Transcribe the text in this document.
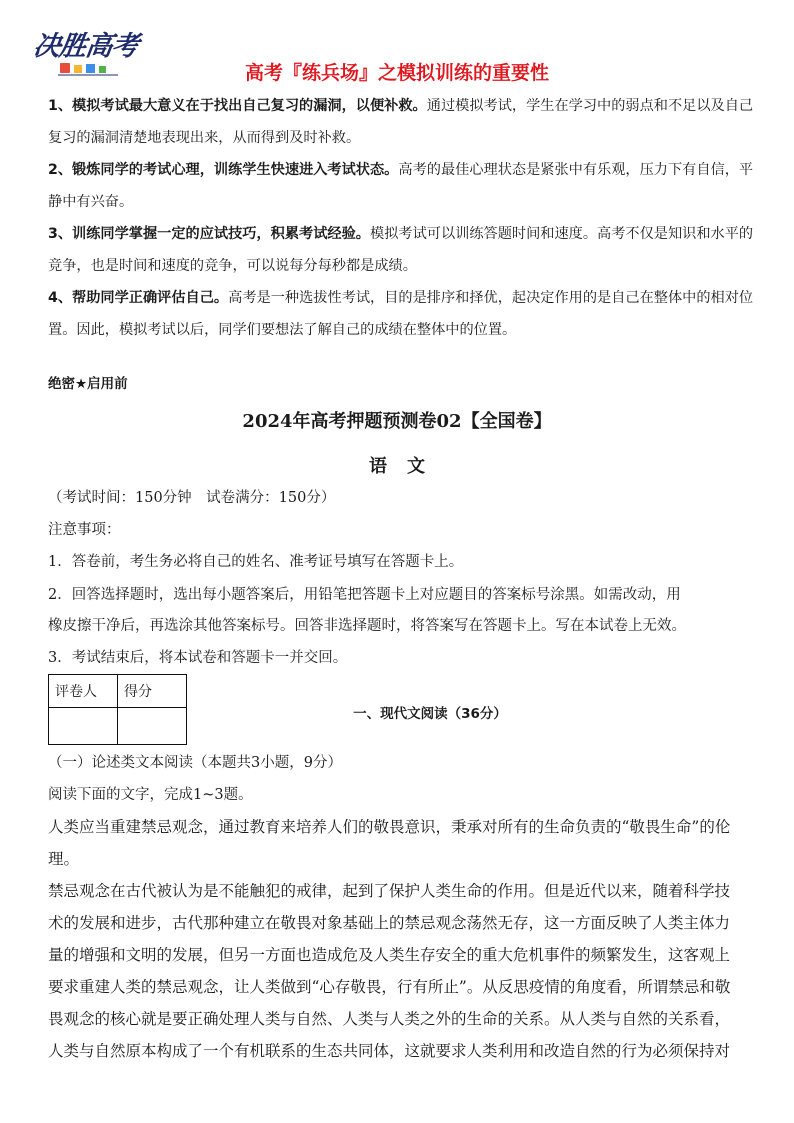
决胜高考
高考『练兵场』之模拟训练的重要性
1、模拟考试最大意义在于找出自己复习的漏洞，以便补救。通过模拟考试，学生在学习中的弱点和不足以及自己
复习的漏洞清楚地表现出来，从而得到及时补救。
2、锻炼同学的考试心理，训练学生快速进入考试状态。高考的最佳心理状态是紧张中有乐观，压力下有自信，平
静中有兴奋。
3、训练同学掌握一定的应试技巧，积累考试经验。模拟考试可以训练答题时间和速度。高考不仅是知识和水平的
竞争，也是时间和速度的竞争，可以说每分每秒都是成绩。
4、帮助同学正确评估自己。高考是一种选拔性考试，目的是排序和择优，起决定作用的是自己在整体中的相对位
置。因此，模拟考试以后，同学们要想法了解自己的成绩在整体中的位置。
绝密★启用前
2024年高考押题预测卷02【全国卷】
语文
（考试时间：150分钟　试卷满分：150分）
注意事项：
1．答卷前，考生务必将自己的姓名、准考证号填写在答题卡上。
2．回答选择题时，选出每小题答案后，用铅笔把答题卡上对应题目的答案标号涂黑。如需改动，用
橡皮擦干净后，再选涂其他答案标号。回答非选择题时，将答案写在答题卡上。写在本试卷上无效。
3．考试结束后，将本试卷和答题卡一并交回。
评卷人	得分

一、现代文阅读（36分）
（一）论述类文本阅读（本题共3小题，9分）
阅读下面的文字，完成1~3题。
人类应当重建禁忌观念，通过教育来培养人们的敬畏意识，秉承对所有的生命负责的“敬畏生命”的伦
理。
禁忌观念在古代被认为是不能触犯的戒律，起到了保护人类生命的作用。但是近代以来，随着科学技
术的发展和进步，古代那种建立在敬畏对象基础上的禁忌观念荡然无存，这一方面反映了人类主体力
量的增强和文明的发展，但另一方面也造成危及人类生存安全的重大危机事件的频繁发生，这客观上
要求重建人类的禁忌观念，让人类做到“心存敬畏，行有所止”。从反思疫情的角度看，所谓禁忌和敬
畏观念的核心就是要正确处理人类与自然、人类与人类之外的生命的关系。从人类与自然的关系看，
人类与自然原本构成了一个有机联系的生态共同体，这就要求人类利用和改造自然的行为必须保持对
